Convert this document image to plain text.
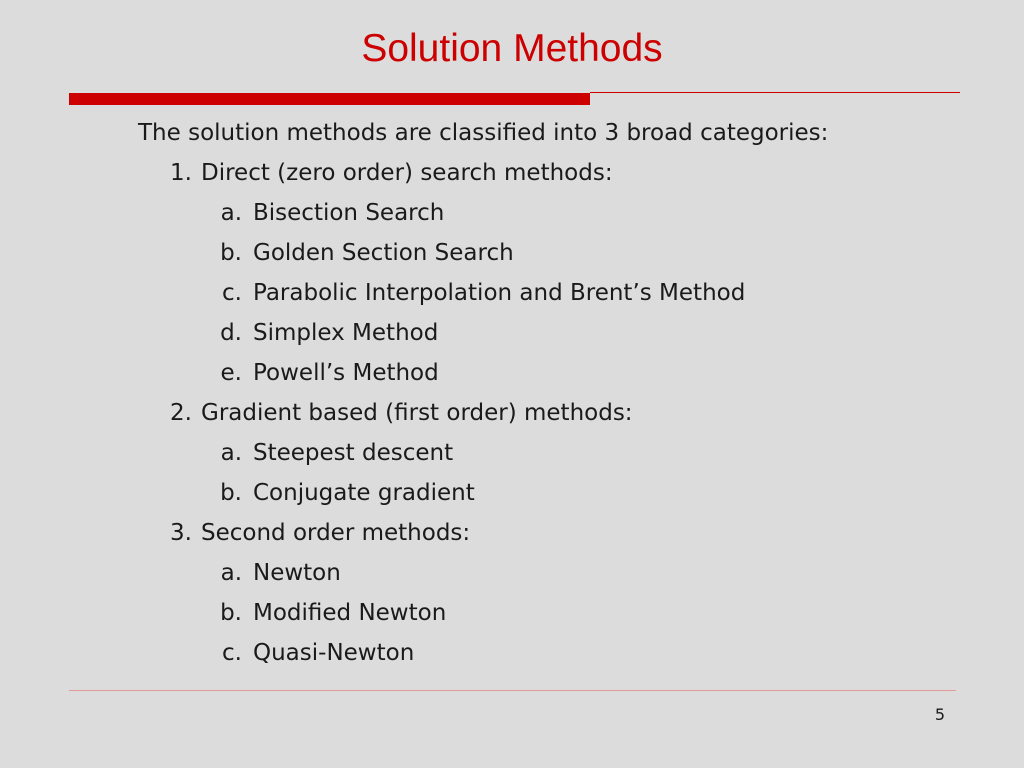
Solution Methods
The solution methods are classified into 3 broad categories:
1. Direct (zero order) search methods:
a. Bisection Search
b. Golden Section Search
c. Parabolic Interpolation and Brent’s Method
d. Simplex Method
e. Powell’s Method
2. Gradient based (first order) methods:
a. Steepest descent
b. Conjugate gradient
3. Second order methods:
a. Newton
b. Modified Newton
c. Quasi-Newton
5
